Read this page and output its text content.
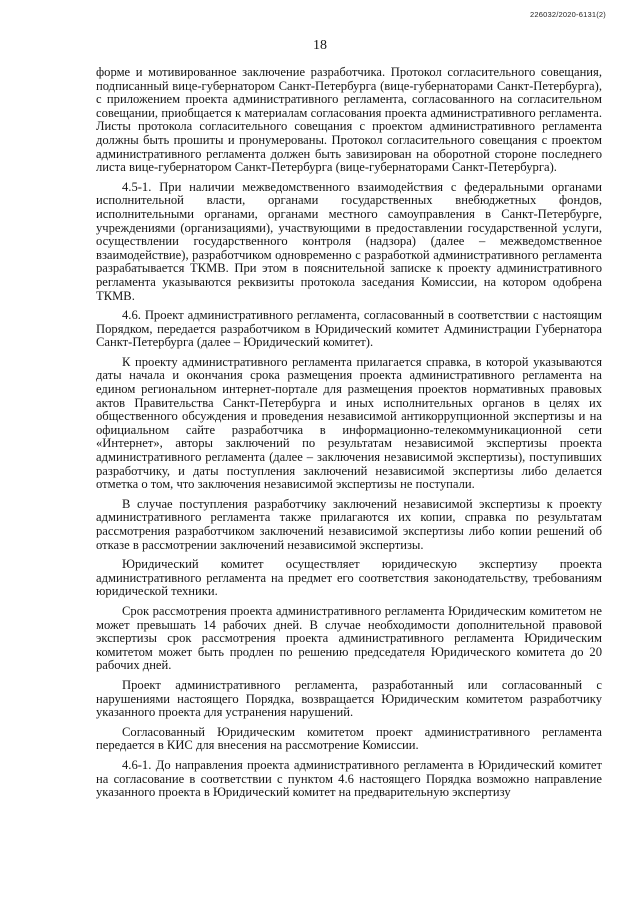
226032/2020-6131(2)
18

форме и мотивированное заключение разработчика. Протокол согласительного совещания, подписанный вице-губернатором Санкт-Петербурга (вице-губернаторами Санкт-Петербурга), с приложением проекта административного регламента, согласованного на согласительном совещании, приобщается к материалам согласования проекта административного регламента. Листы протокола согласительного совещания с проектом административного регламента должны быть прошиты и пронумерованы. Протокол согласительного совещания с проектом административного регламента должен быть завизирован на оборотной стороне последнего листа вице-губернатором Санкт-Петербурга (вице-губернаторами Санкт-Петербурга).

4.5-1. При наличии межведомственного взаимодействия с федеральными органами исполнительной власти, органами государственных внебюджетных фондов, исполнительными органами, органами местного самоуправления в Санкт-Петербурге, учреждениями (организациями), участвующими в предоставлении государственной услуги, осуществлении государственного контроля (надзора) (далее – межведомственное взаимодействие), разработчиком одновременно с разработкой административного регламента разрабатывается ТКМВ. При этом в пояснительной записке к проекту административного регламента указываются реквизиты протокола заседания Комиссии, на котором одобрена ТКМВ.

4.6. Проект административного регламента, согласованный в соответствии с настоящим Порядком, передается разработчиком в Юридический комитет Администрации Губернатора Санкт-Петербурга (далее – Юридический комитет).

К проекту административного регламента прилагается справка, в которой указываются даты начала и окончания срока размещения проекта административного регламента на едином региональном интернет-портале для размещения проектов нормативных правовых актов Правительства Санкт-Петербурга и иных исполнительных органов в целях их общественного обсуждения и проведения независимой антикоррупционной экспертизы и на официальном сайте разработчика в информационно-телекоммуникационной сети «Интернет», авторы заключений по результатам независимой экспертизы проекта административного регламента (далее – заключения независимой экспертизы), поступивших разработчику, и даты поступления заключений независимой экспертизы либо делается отметка о том, что заключения независимой экспертизы не поступали.

В случае поступления разработчику заключений независимой экспертизы к проекту административного регламента также прилагаются их копии, справка по результатам рассмотрения разработчиком заключений независимой экспертизы либо копии решений об отказе в рассмотрении заключений независимой экспертизы.

Юридический комитет осуществляет юридическую экспертизу проекта административного регламента на предмет его соответствия законодательству, требованиям юридической техники.

Срок рассмотрения проекта административного регламента Юридическим комитетом не может превышать 14 рабочих дней. В случае необходимости дополнительной правовой экспертизы срок рассмотрения проекта административного регламента Юридическим комитетом может быть продлен по решению председателя Юридического комитета до 20 рабочих дней.

Проект административного регламента, разработанный или согласованный с нарушениями настоящего Порядка, возвращается Юридическим комитетом разработчику указанного проекта для устранения нарушений.

Согласованный Юридическим комитетом проект административного регламента передается в КИС для внесения на рассмотрение Комиссии.

4.6-1. До направления проекта административного регламента в Юридический комитет на согласование в соответствии с пунктом 4.6 настоящего Порядка возможно направление указанного проекта в Юридический комитет на предварительную экспертизу
